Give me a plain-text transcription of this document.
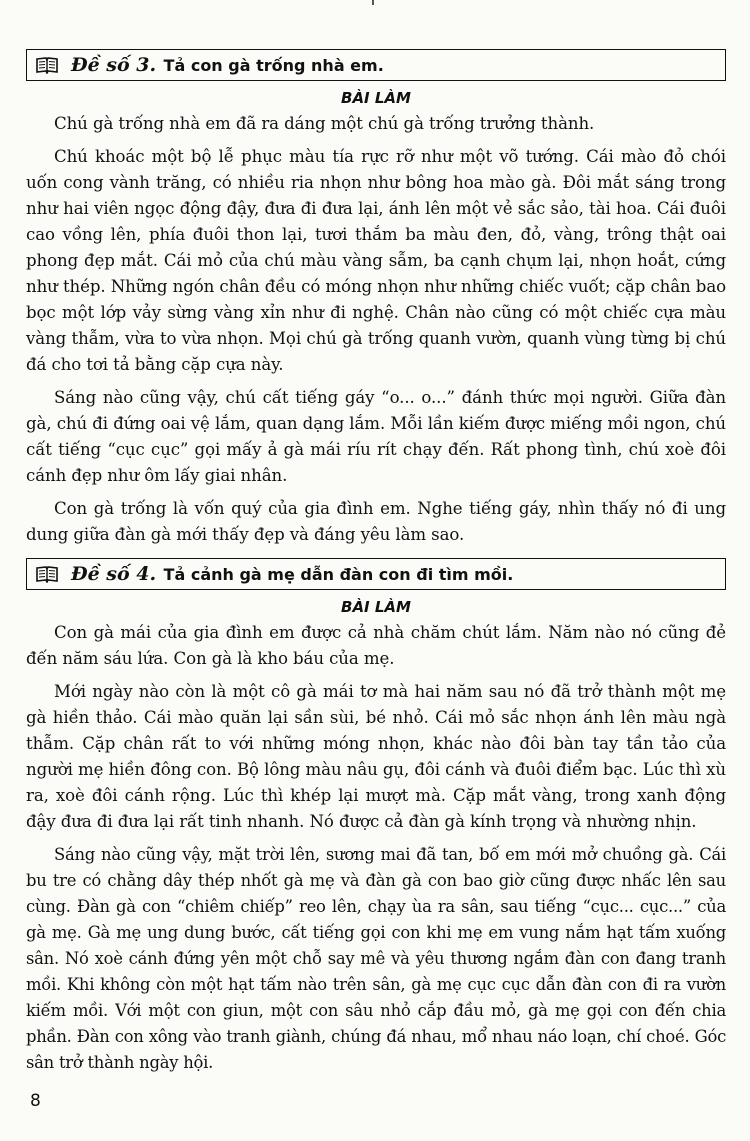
Đề số 3.
Tả con gà trống nhà em.
BÀI LÀM

Chú gà trống nhà em đã ra dáng một chú gà trống trưởng thành.

Chú khoác một bộ lễ phục màu tía rực rỡ như một võ tướng. Cái mào đỏ chói uốn cong vành trăng, có nhiều ria nhọn như bông hoa mào gà. Đôi mắt sáng trong như hai viên ngọc động đậy, đưa đi đưa lại, ánh lên một vẻ sắc sảo, tài hoa. Cái đuôi cao vồng lên, phía đuôi thon lại, tươi thắm ba màu đen, đỏ, vàng, trông thật oai phong đẹp mắt. Cái mỏ của chú màu vàng sẫm, ba cạnh chụm lại, nhọn hoắt, cứng như thép. Những ngón chân đều có móng nhọn như những chiếc vuốt; cặp chân bao bọc một lớp vảy sừng vàng xỉn như đi nghệ. Chân nào cũng có một chiếc cựa màu vàng thẫm, vừa to vừa nhọn. Mọi chú gà trống quanh vườn, quanh vùng từng bị chú đá cho tơi tả bằng cặp cựa này.

Sáng nào cũng vậy, chú cất tiếng gáy “o... o...” đánh thức mọi người. Giữa đàn gà, chú đi đứng oai vệ lắm, quan dạng lắm. Mỗi lần kiếm được miếng mồi ngon, chú cất tiếng “cục cục” gọi mấy ả gà mái ríu rít chạy đến. Rất phong tình, chú xoè đôi cánh đẹp như ôm lấy giai nhân.

Con gà trống là vốn quý của gia đình em. Nghe tiếng gáy, nhìn thấy nó đi ung dung giữa đàn gà mới thấy đẹp và đáng yêu làm sao.

Đề số 4.
Tả cảnh gà mẹ dẫn đàn con đi tìm mồi.
BÀI LÀM

Con gà mái của gia đình em được cả nhà chăm chút lắm. Năm nào nó cũng đẻ đến năm sáu lứa. Con gà là kho báu của mẹ.

Mới ngày nào còn là một cô gà mái tơ mà hai năm sau nó đã trở thành một mẹ gà hiền thảo. Cái mào quăn lại sần sùi, bé nhỏ. Cái mỏ sắc nhọn ánh lên màu ngà thẫm. Cặp chân rất to với những móng nhọn, khác nào đôi bàn tay tần tảo của người mẹ hiền đông con. Bộ lông màu nâu gụ, đôi cánh và đuôi điểm bạc. Lúc thì xù ra, xoè đôi cánh rộng. Lúc thì khép lại mượt mà. Cặp mắt vàng, trong xanh động đậy đưa đi đưa lại rất tinh nhanh. Nó được cả đàn gà kính trọng và nhường nhịn.

Sáng nào cũng vậy, mặt trời lên, sương mai đã tan, bố em mới mở chuồng gà. Cái bu tre có chằng dây thép nhốt gà mẹ và đàn gà con bao giờ cũng được nhấc lên sau cùng. Đàn gà con “chiêm chiếp” reo lên, chạy ùa ra sân, sau tiếng “cục... cục...” của gà mẹ. Gà mẹ ung dung bước, cất tiếng gọi con khi mẹ em vung nắm hạt tấm xuống sân. Nó xoè cánh đứng yên một chỗ say mê và yêu thương ngắm đàn con đang tranh mồi. Khi không còn một hạt tấm nào trên sân, gà mẹ cục cục dẫn đàn con đi ra vườn kiếm mồi. Với một con giun, một con sâu nhỏ cắp đầu mỏ, gà mẹ gọi con đến chia phần. Đàn con xông vào tranh giành, chúng đá nhau, mổ nhau náo loạn, chí choé. Góc sân trở thành ngày hội.

8
